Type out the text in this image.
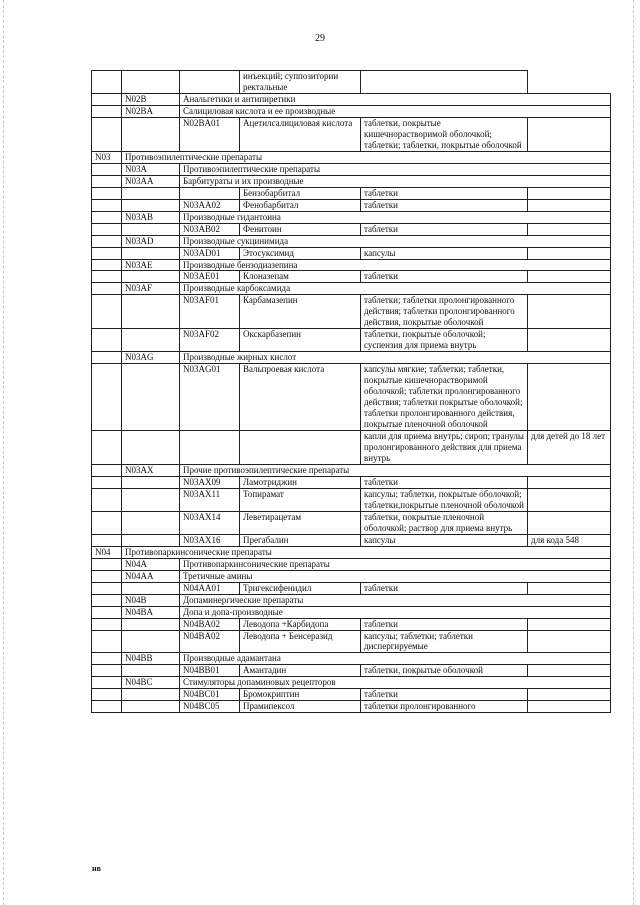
29
			инъекций; суппозитории ректальные		
	N02B	Анальгетики и антипиретики			
	N02BA	Салициловая кислота и ее производные			
		N02BA01	Ацетилсалициловая кислота	таблетки, покрытые кишечнорастворимой оболочкой; таблетки; таблетки, покрытые оболочкой	
N03	Противоэпилептические препараты				
	N03A	Противоэпилептические препараты			
	N03AA	Барбитураты и их производные			
			Бензобарбитал	таблетки	
		N03AA02	Фенобарбитал	таблетки	
	N03AB	Производные гидантоина			
		N03AB02	Фенитоин	таблетки	
	N03AD	Производные сукцинимида			
		N03AD01	Этосуксимид	капсулы	
	N03AE	Производные бензодиазепина			
		N03AE01	Клоназепам	таблетки	
	N03AF	Производные карбоксамида			
		N03AF01	Карбамазепин	таблетки; таблетки пролонгированного действия; таблетки пролонгированного действия, покрытые оболочкой	
		N03AF02	Окскарбазепин	таблетки, покрытые оболочкой; суспензия для приема внутрь	
	N03AG	Производные жирных кислот			
		N03AG01	Вальпроевая кислота	капсулы мягкие; таблетки; таблетки, покрытые кишечнорастворимой оболочкой; таблетки пролонгированного действия; таблетки покрытые оболочкой; таблетки пролонгированного действия, покрытые пленочной оболочкой	
				капли для приема внутрь; сироп; гранулы пролонгированного действия для приема внутрь	для детей до 18 лет
	N03AX	Прочие противоэпилептические препараты			
		N03AX09	Ламотриджин	таблетки	
		N03AX11	Топирамат	капсулы; таблетки, покрытые оболочкой; таблетки,покрытые пленочной оболочкой	
		N03AX14	Леветирацетам	таблетки, покрытые пленочной оболочкой; раствор для приема внутрь	
		N03AX16	Прегабалин	капсулы	для кода 548
N04	Противопаркинсонические препараты				
	N04A	Противопаркинсонические препараты			
	N04AA	Третичные амины			
		N04AA01	Тригексифенидил	таблетки	
	N04B	Допаминергические препараты			
	N04BA	Допа и допа-производные			
		N04BA02	Леводопа +Карбидопа	таблетки	
		N04BA02	Леводопа + Бенсеразид	капсулы; таблетки; таблетки диспергируемые	
	N04BB	Производные адамантана			
		N04BB01	Амантадин	таблетки, покрытые оболочкой	
	N04BC	Стимуляторы допаминовых рецепторов			
		N04BC01	Бромокриптин	таблетки	
		N04BC05	Прамипексол	таблетки пролонгированного	
нв
